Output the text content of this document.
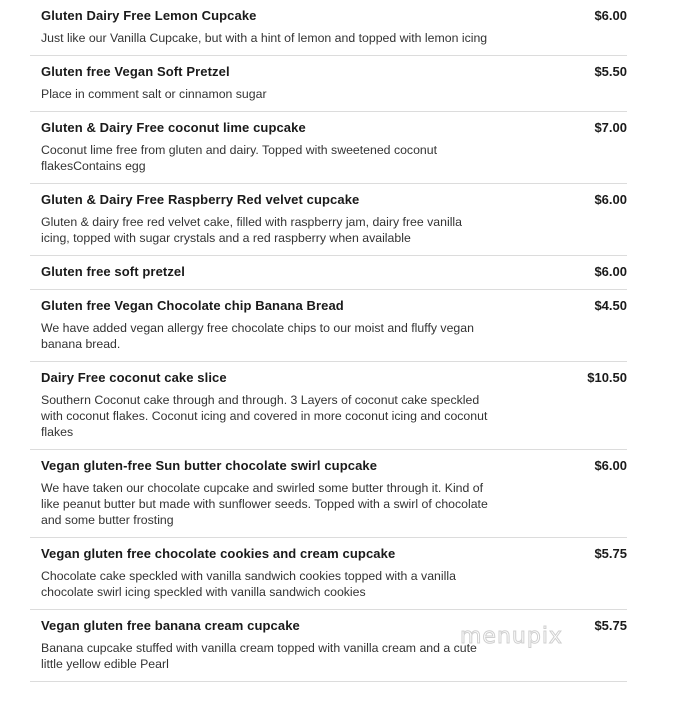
Gluten Dairy Free Lemon Cupcake	$6.00
Just like our Vanilla Cupcake, but with a hint of lemon and topped with lemon icing
Gluten free Vegan Soft Pretzel	$5.50
Place in comment salt or cinnamon sugar
Gluten & Dairy Free coconut lime cupcake	$7.00
Coconut lime free from gluten and dairy. Topped with sweetened coconut flakesContains egg
Gluten & Dairy Free Raspberry Red velvet cupcake	$6.00
Gluten & dairy free red velvet cake, filled with raspberry jam, dairy free vanilla icing, topped with sugar crystals and a red raspberry when available
Gluten free soft pretzel	$6.00
Gluten free Vegan Chocolate chip Banana Bread	$4.50
We have added vegan allergy free chocolate chips to our moist and fluffy vegan banana bread.
Dairy Free coconut cake slice	$10.50
Southern Coconut cake through and through. 3 Layers of coconut cake speckled with coconut flakes. Coconut icing and covered in more coconut icing and coconut flakes
Vegan gluten-free Sun butter chocolate swirl cupcake	$6.00
We have taken our chocolate cupcake and swirled some butter through it. Kind of like peanut butter but made with sunflower seeds. Topped with a swirl of chocolate and some butter frosting
Vegan gluten free chocolate cookies and cream cupcake	$5.75
Chocolate cake speckled with vanilla sandwich cookies topped with a vanilla chocolate swirl icing speckled with vanilla sandwich cookies
Vegan gluten free banana cream cupcake	$5.75
Banana cupcake stuffed with vanilla cream topped with vanilla cream and a cute little yellow edible Pearl
menupix
